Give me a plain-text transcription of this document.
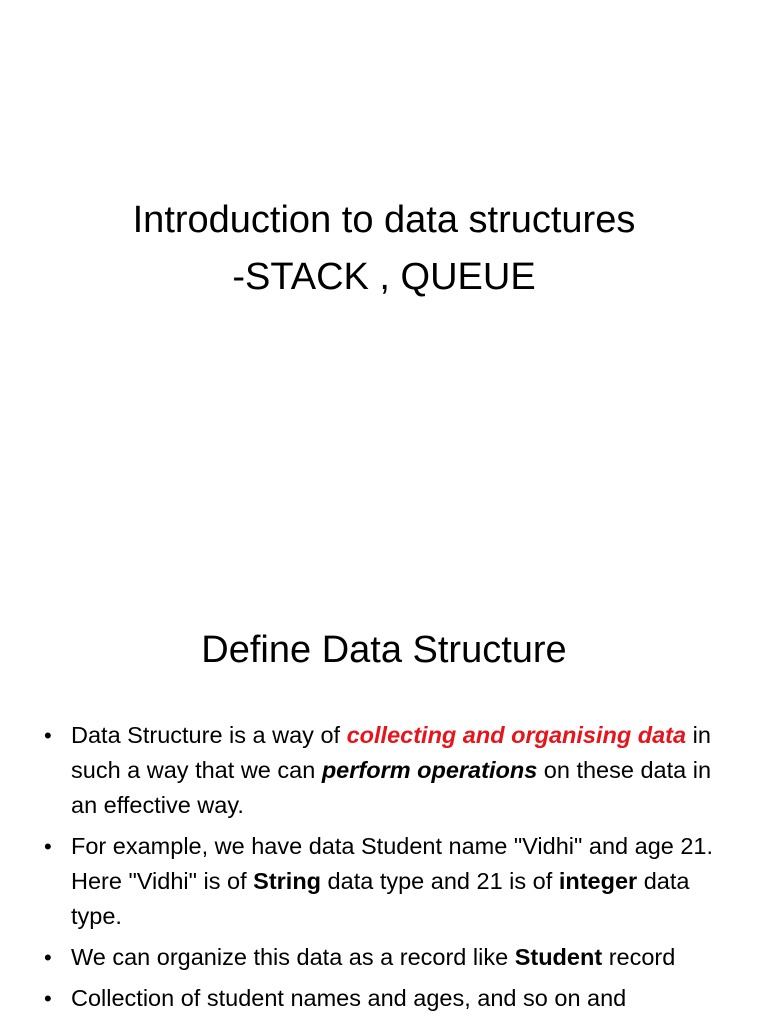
Introduction to data structures
-STACK , QUEUE
Define Data Structure
• Data Structure is a way of collecting and organising data in such a way that we can perform operations on these data in an effective way.
• For example, we have data Student name "Vidhi" and age 21. Here "Vidhi" is of String data type and 21 is of integer data type.
• We can organize this data as a record like Student record
• Collection of student names and ages, and so on and
